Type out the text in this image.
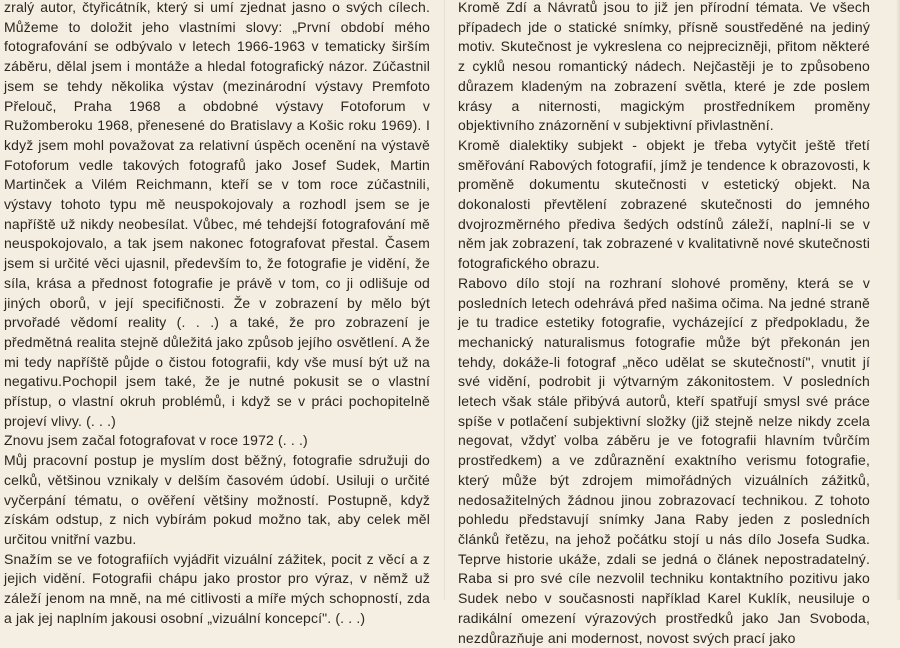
zralý autor, čtyřicátník, který si umí zjednat jasno o svých cílech. Můžeme to doložit jeho vlastními slovy: „První období mého fotografování se odbývalo v letech 1966-1963 v tematicky širším záběru, dělal jsem i montáže a hledal fotografický názor. Zúčastnil jsem se tehdy několika výstav (mezinárodní výstavy Premfoto Přelouč, Praha 1968 a obdobné výstavy Fotoforum v Ružomberoku 1968, přenesené do Bratislavy a Košic roku 1969). I když jsem mohl považovat za relativní úspěch ocenění na výstavě Fotoforum vedle takových fotografů jako Josef Sudek, Martin Martinček a Vilém Reichmann, kteří se v tom roce zúčastnili, výstavy tohoto typu mě neuspokojovaly a rozhodl jsem se je napříště už nikdy neobesílat. Vůbec, mé tehdejší fotografování mě neuspokojovalo, a tak jsem nakonec fotografovat přestal. Časem jsem si určité věci ujasnil, především to, že fotografie je vidění, že síla, krása a přednost fotografie je právě v tom, co ji odlišuje od jiných oborů, v její specifičnosti. Že v zobrazení by mělo být prvořadé vědomí reality (. . .) a také, že pro zobrazení je předmětná realita stejně důležitá jako způsob jejího osvětlení. A že mi tedy napříště půjde o čistou fotografii, kdy vše musí být už na negativu.Pochopil jsem také, že je nutné pokusit se o vlastní přístup, o vlastní okruh problémů, i když se v práci pochopitelně projeví vlivy. (. . .)

Znovu jsem začal fotografovat v roce 1972 (. . .)

Můj pracovní postup je myslím dost běžný, fotografie sdružuji do celků, většinou vznikaly v delším časovém údobí. Usiluji o určité vyčerpání tématu, o ověření většiny možností. Postupně, když získám odstup, z nich vybírám pokud možno tak, aby celek měl určitou vnitřní vazbu.

Snažím se ve fotografiích vyjádřit vizuální zážitek, pocit z věcí a z jejich vidění. Fotografii chápu jako prostor pro výraz, v němž už záleží jenom na mně, na mé citlivosti a míře mých schopností, zda a jak jej naplním jakousi osobní „vizuální koncepcí". (. . .)

Kromě Zdí a Návratů jsou to již jen přírodní témata. Ve všech případech jde o statické snímky, přísně soustředěné na jediný motiv. Skutečnost je vykreslena co nejpreciznĕji, přitom některé z cyklů nesou romantický nádech. Nejčastěji je to způsobeno důrazem kladeným na zobrazení světla, které je zde poslem krásy a niternosti, magickým prostředníkem proměny objektivního znázornění v subjektivní přivlastnění.

Kromě dialektiky subjekt - objekt je třeba vytyčit ještě třetí směřování Rabových fotografií, jímž je tendence k obrazovosti, k proměně dokumentu skutečnosti v estetický objekt. Na dokonalosti převtělení zobrazené skutečnosti do jemného dvojrozměrného předіva šedých odstínů záleží, naplní-li se v něm jak zobrazení, tak zobrazené v kvalitativně nové skutečnosti fotografického obrazu.

Rabovo dílo stojí na rozhraní slohové proměny, která se v posledních letech odehrává před našima očima. Na jedné straně je tu tradice estetiky fotografie, vycházející z předpokladu, že mechanický naturalismus fotografie může být překonán jen tehdy, dokáže-li fotograf „něco udělat se skutečností", vnutit jí své vidění, podrobit ji výtvarným zákonitostem. V posledních letech však stále přibývá autorů, kteří spatřují smysl své práce spíše v potlačení subjektivní složky (již stejně nelze nikdy zcela negovat, vždyť volba záběru je ve fotografii hlavním tvůrčím prostředkem) a ve zdůraznění exaktního verismu fotografie, který může být zdrojem mimořádných vizuálních zážitků, nedosažitelných žádnou jinou zobrazovací technikou. Z tohoto pohledu představují snímky Jana Raby jeden z posledních článků řetězu, na jehož počátku stojí u nás dílo Josefa Sudka. Teprve historie ukáže, zdali se jedná o článek nepostradatelný. Raba si pro své cíle nezvolil techniku kontaktního pozitivu jako Sudek nebo v současnosti například Karel Kuklík, neusiluje o radikální omezení výrazových prostředků jako Jan Svoboda, nezdůrazňuje ani modernost, novost svých prací jako
